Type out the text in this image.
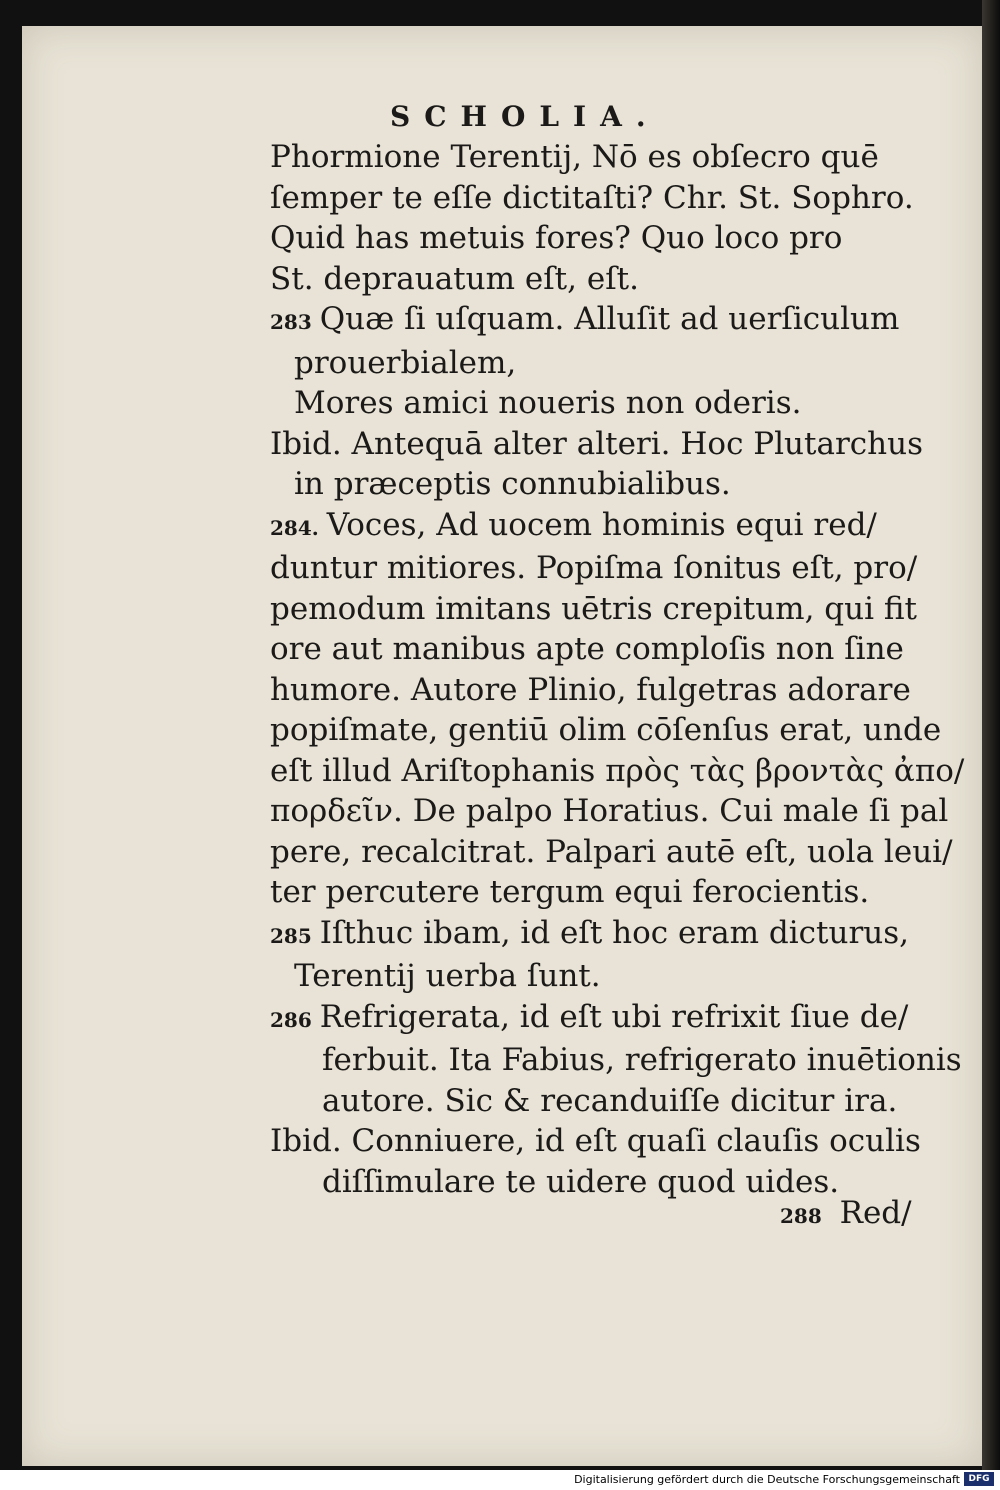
SCHOLIA.
Phormione Terentij, Nō es obſecro quē
ſemper te eſſe dictitaſti? Chr. St. Sophro.
Quid has metuis fores? Quo loco pro
St. deprauatum eſt, eſt.
283 Quæ ſi uſquam. Alluſit ad uerſiculum
prouerbialem,
Mores amici noueris non oderis.
Ibid. Antequā alter alteri. Hoc Plutarchus
in præceptis connubialibus.
284. Voces, Ad uocem hominis equi red/
duntur mitiores. Popiſma ſonitus eſt, pro/
pemodum imitans uētris crepitum, qui fit
ore aut manibus apte comploſis non ſine
humore. Autore Plinio, fulgetras adorare
popiſmate, gentiū olim cōſenſus erat, unde
eſt illud Ariſtophanis πρὸς τὰς βροντὰς ἀπο/
πορδεῖν. De palpo Horatius. Cui male ſi pal
pere, recalcitrat. Palpari autē eſt, uola leui/
ter percutere tergum equi ferocientis.
285 Iſthuc ibam, id eſt hoc eram dicturus,
Terentij uerba ſunt.
286 Refrigerata, id eſt ubi refrixit ſiue de/
ferbuit. Ita Fabius, refrigerato inuētionis
autore. Sic & recanduiſſe dicitur ira.
Ibid. Conniuere, id eſt quaſi clauſis oculis
diſſimulare te uidere quod uides.
288 Red/
Digitalisierung gefördert durch die Deutsche Forschungsgemeinschaft DFG
